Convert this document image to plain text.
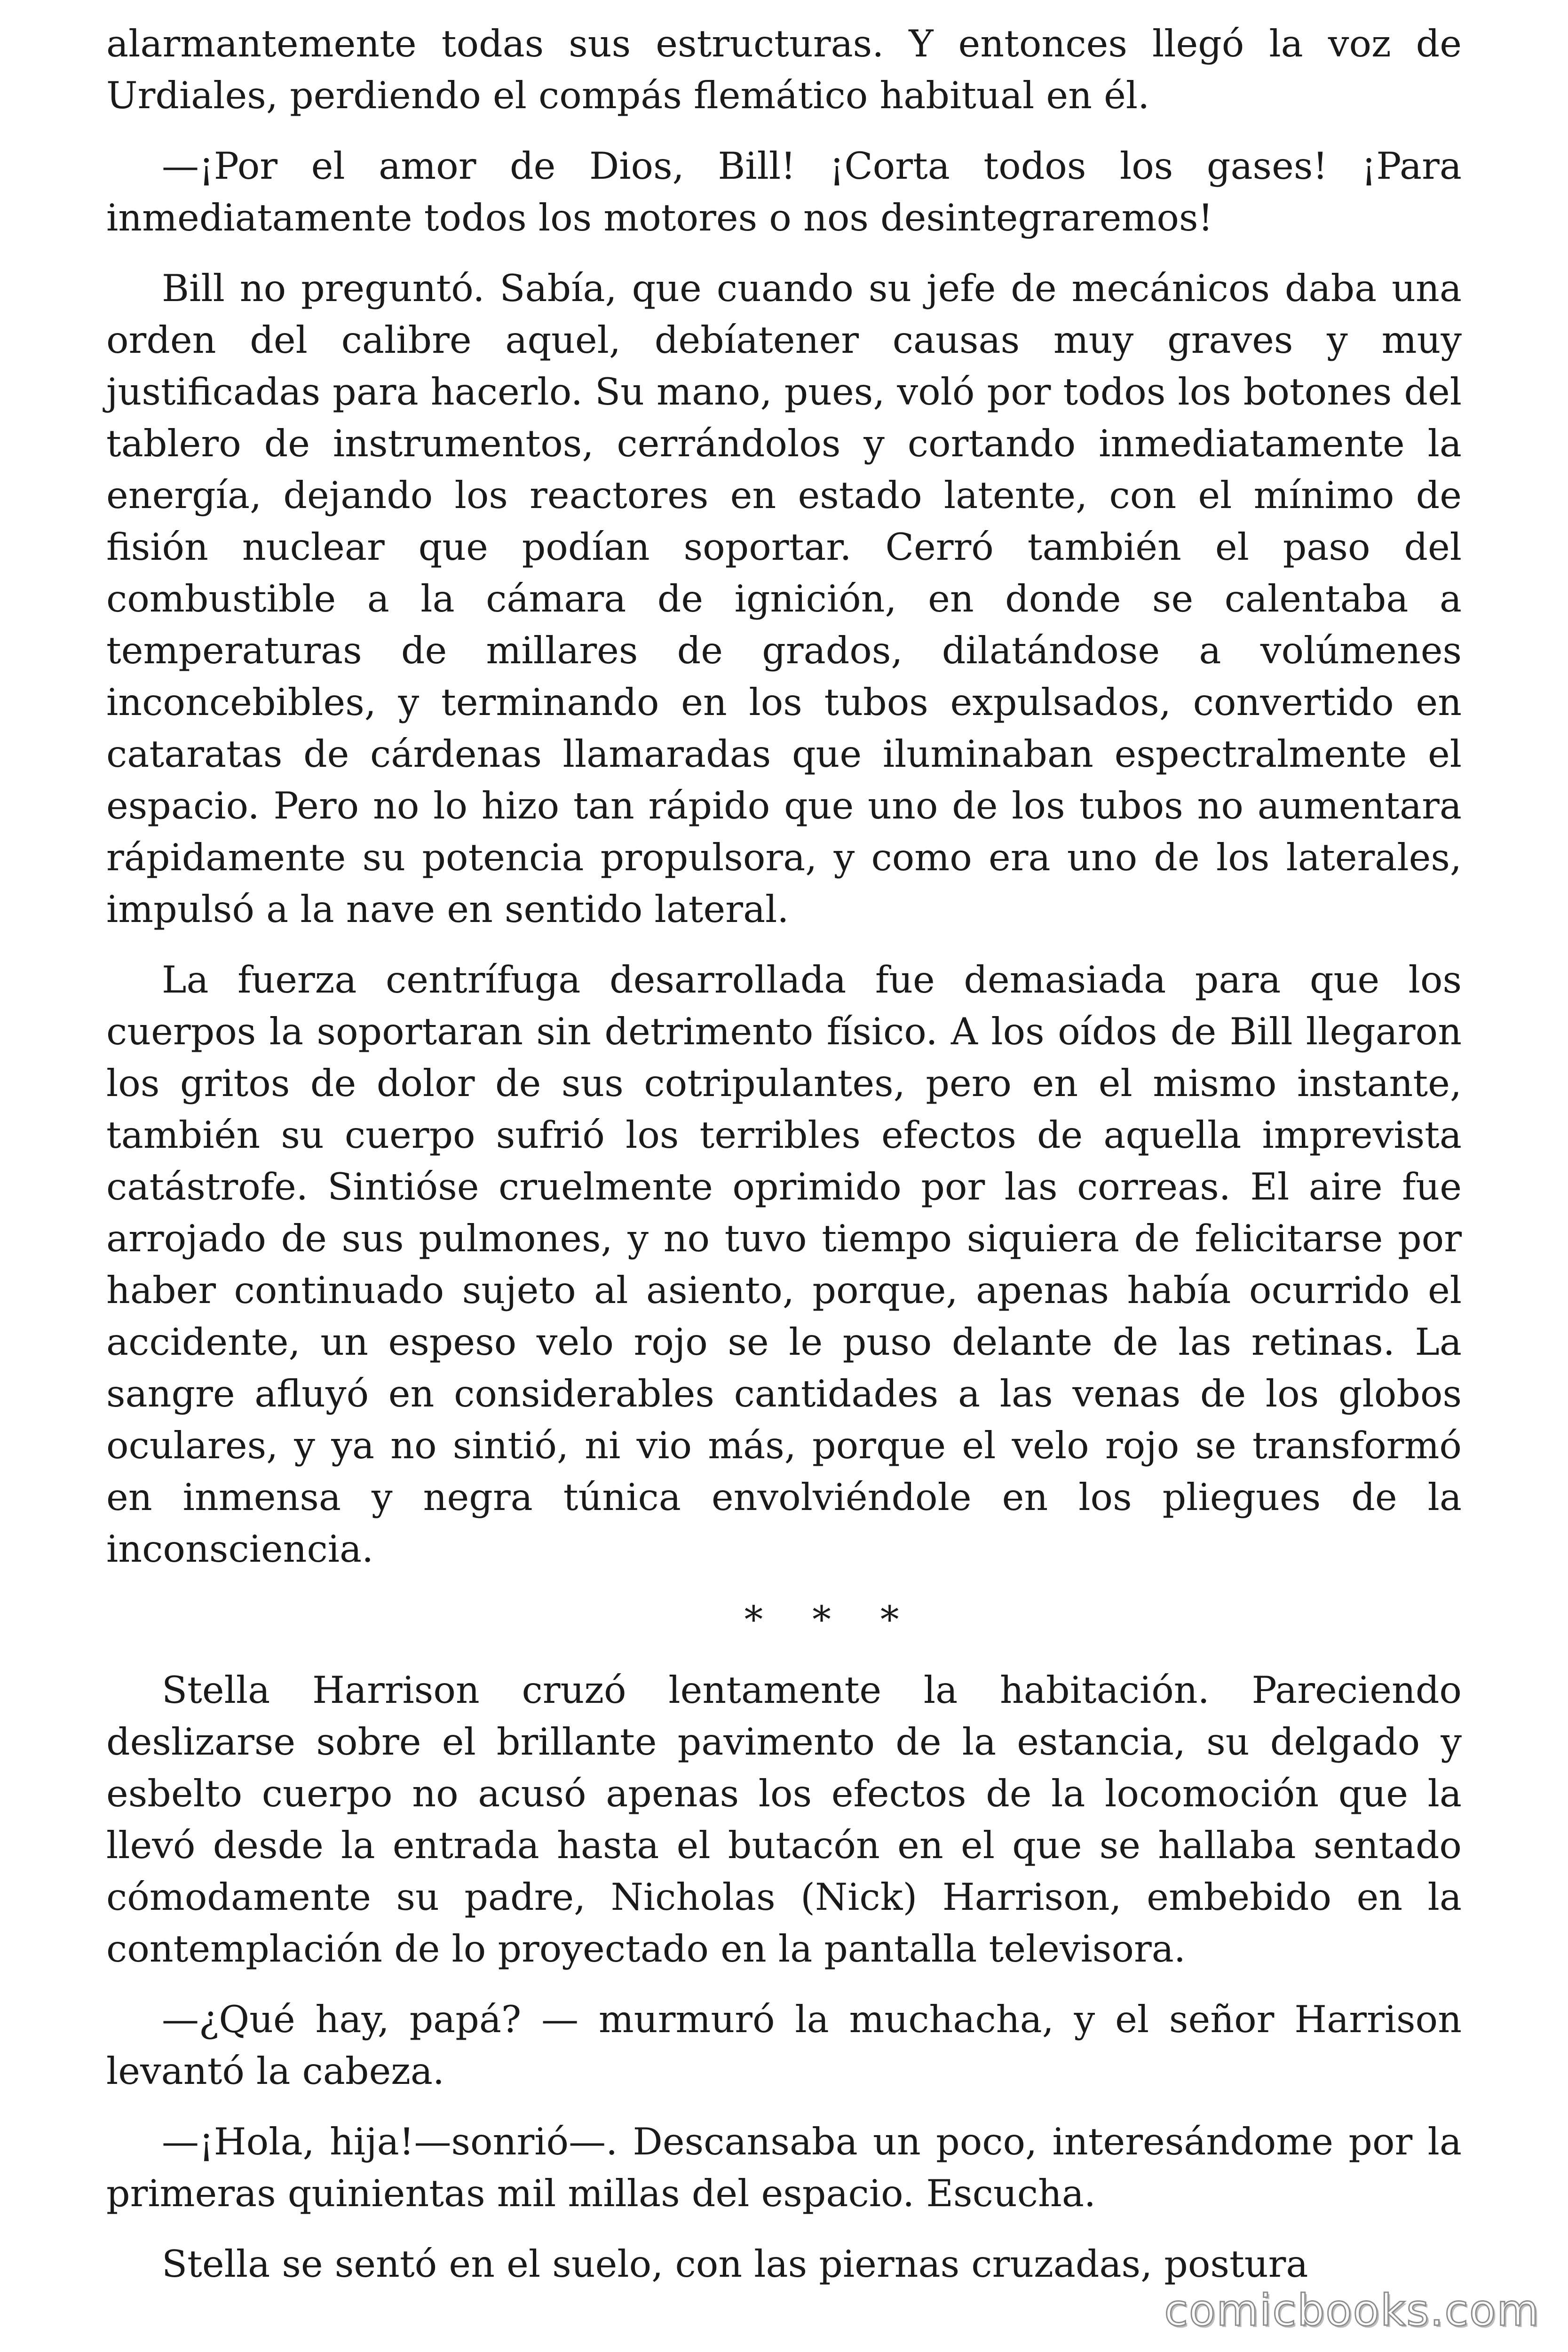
alarmantemente todas sus estructuras. Y entonces llegó la voz de Urdiales, perdiendo el compás flemático habitual en él.

—¡Por el amor de Dios, Bill! ¡Corta todos los gases! ¡Para inmediatamente todos los motores o nos desintegraremos!

Bill no preguntó. Sabía, que cuando su jefe de mecánicos daba una orden del calibre aquel, debíatener causas muy graves y muy justificadas para hacerlo. Su mano, pues, voló por todos los botones del tablero de instrumentos, cerrándolos y cortando inmediatamente la energía, dejando los reactores en estado latente, con el mínimo de fisión nuclear que podían soportar. Cerró también el paso del combustible a la cámara de ignición, en donde se calentaba a temperaturas de millares de grados, dilatándose a volúmenes inconcebibles, y terminando en los tubos expulsados, convertido en cataratas de cárdenas llamaradas que iluminaban espectralmente el espacio. Pero no lo hizo tan rápido que uno de los tubos no aumentara rápidamente su potencia propulsora, y como era uno de los laterales, impulsó a la nave en sentido lateral.

La fuerza centrífuga desarrollada fue demasiada para que los cuerpos la soportaran sin detrimento físico. A los oídos de Bill llegaron los gritos de dolor de sus cotripulantes, pero en el mismo instante, también su cuerpo sufrió los terribles efectos de aquella imprevista catástrofe. Sintióse cruelmente oprimido por las correas. El aire fue arrojado de sus pulmones, y no tuvo tiempo siquiera de felicitarse por haber continuado sujeto al asiento, porque, apenas había ocurrido el accidente, un espeso velo rojo se le puso delante de las retinas. La sangre afluyó en considerables cantidades a las venas de los globos oculares, y ya no sintió, ni vio más, porque el velo rojo se transformó en inmensa y negra túnica envolviéndole en los pliegues de la inconsciencia.

* * *

Stella Harrison cruzó lentamente la habitación. Pareciendo deslizarse sobre el brillante pavimento de la estancia, su delgado y esbelto cuerpo no acusó apenas los efectos de la locomoción que la llevó desde la entrada hasta el butacón en el que se hallaba sentado cómodamente su padre, Nicholas (Nick) Harrison, embebido en la contemplación de lo proyectado en la pantalla televisora.

—¿Qué hay, papá? — murmuró la muchacha, y el señor Harrison levantó la cabeza.

—¡Hola, hija!—sonrió—. Descansaba un poco, interesándome por la primeras quinientas mil millas del espacio. Escucha.

Stella se sentó en el suelo, con las piernas cruzadas, postura

comicbooks.com
